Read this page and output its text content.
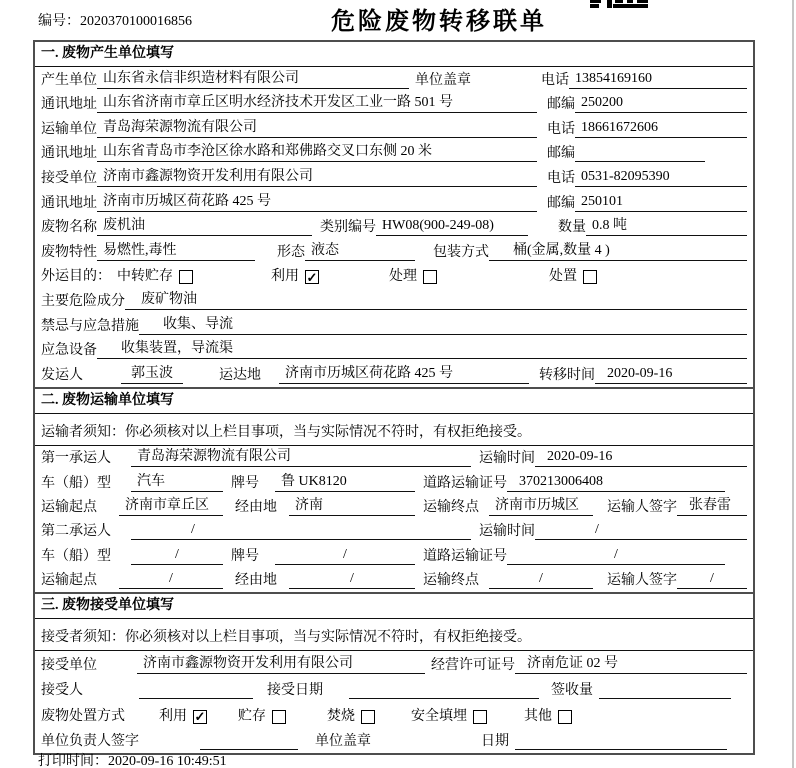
编号：2020370100016856	危险废物转移联单
一. 废物产生单位填写
产生单位 山东省永信非织造材料有限公司	单位盖章	电话 13854169160
通讯地址 山东省济南市章丘区明水经济技术开发区工业一路 501 号	邮编 250200
运输单位 青岛海荣源物流有限公司	电话 18661672606
通讯地址 山东省青岛市李沧区徐水路和郑佛路交叉口东侧 20 米	邮编
接受单位 济南市鑫源物资开发利用有限公司	电话 0531-82095390
通讯地址 济南市历城区荷花路 425 号	邮编 250101
废物名称 废机油	类别编号 HW08(900-249-08)	数量 0.8 吨
废物特性 易燃性,毒性	形态 液态	包装方式	桶(金属,数量 4 )
外运目的： 中转贮存	利用 ✓	处理	处置
主要危险成分	废矿物油
禁忌与应急措施	收集、导流
应急设备	收集装置，导流渠
发运人	郭玉波	运达地	济南市历城区荷花路 425 号	转移时间 2020-09-16
二. 废物运输单位填写
运输者须知：你必须核对以上栏目事项，当与实际情况不符时，有权拒绝接受。
第一承运人	青岛海荣源物流有限公司	运输时间 2020-09-16
车（船）型	汽车	牌号	鲁 UK8120	道路运输证号 370213006408
运输起点	济南市章丘区	经由地	济南	运输终点	济南市历城区	运输人签字 张春雷
第二承运人	/	运输时间	/
车（船）型	/	牌号	/	道路运输证号	/
运输起点	/	经由地	/	运输终点	/	运输人签字	/
三. 废物接受单位填写
接受者须知：你必须核对以上栏目事项，当与实际情况不符时，有权拒绝接受。
接受单位	济南市鑫源物资开发利用有限公司	经营许可证号 济南危证 02 号
接受人	接受日期	签收量
废物处置方式 利用 ✓ 贮存	焚烧	安全填埋	其他
单位负责人签字	单位盖章	日期
打印时间：2020-09-16 10:49:51
